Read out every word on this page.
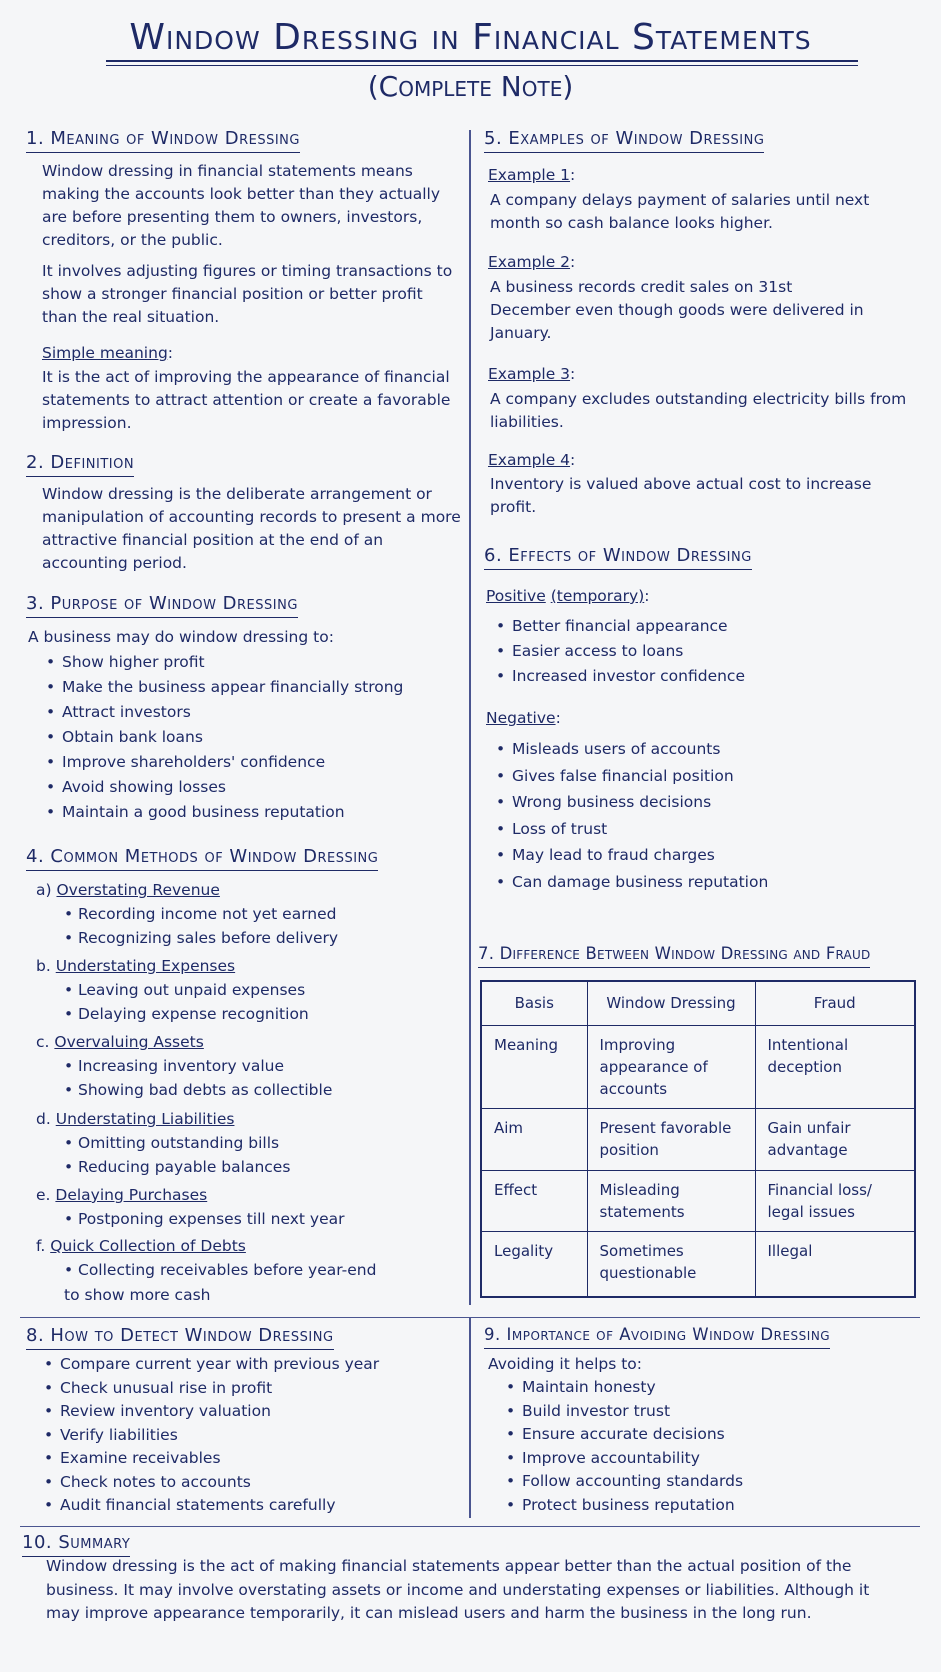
Window Dressing in Financial Statements
(Complete Note)
1. Meaning of Window Dressing
Window dressing in financial statements means making the accounts look better than they actually are before presenting them to owners, investors, creditors, or the public.
It involves adjusting figures or timing transactions to show a stronger financial position or better profit than the real situation.
Simple meaning:
It is the act of improving the appearance of financial statements to attract attention or create a favorable impression.
2. Definition
Window dressing is the deliberate arrangement or manipulation of accounting records to present a more attractive financial position at the end of an accounting period.
3. Purpose of Window Dressing
A business may do window dressing to:
• Show higher profit
• Make the business appear financially strong
• Attract investors
• Obtain bank loans
• Improve shareholders' confidence
• Avoid showing losses
• Maintain a good business reputation
4. Common Methods of Window Dressing
a) Overstating Revenue
• Recording income not yet earned
• Recognizing sales before delivery
b. Understating Expenses
• Leaving out unpaid expenses
• Delaying expense recognition
c. Overvaluing Assets
• Increasing inventory value
• Showing bad debts as collectible
d. Understating Liabilities
• Omitting outstanding bills
• Reducing payable balances
e. Delaying Purchases
• Postponing expenses till next year
f. Quick Collection of Debts
• Collecting receivables before year-end
to show more cash
5. Examples of Window Dressing
Example 1:
A company delays payment of salaries until next month so cash balance looks higher.
Example 2:
A business records credit sales on 31st December even though goods were delivered in January.
Example 3:
A company excludes outstanding electricity bills from liabilities.
Example 4:
Inventory is valued above actual cost to increase profit.
6. Effects of Window Dressing
Positive (temporary):
• Better financial appearance
• Easier access to loans
• Increased investor confidence
Negative:
• Misleads users of accounts
• Gives false financial position
• Wrong business decisions
• Loss of trust
• May lead to fraud charges
• Can damage business reputation
7. Difference Between Window Dressing and Fraud
Basis	Window Dressing	Fraud
Meaning	Improving appearance of accounts	Intentional deception
Aim	Present favorable position	Gain unfair advantage
Effect	Misleading statements	Financial loss/ legal issues
Legality	Sometimes questionable	Illegal
8. How to Detect Window Dressing
• Compare current year with previous year
• Check unusual rise in profit
• Review inventory valuation
• Verify liabilities
• Examine receivables
• Check notes to accounts
• Audit financial statements carefully
9. Importance of Avoiding Window Dressing
Avoiding it helps to:
• Maintain honesty
• Build investor trust
• Ensure accurate decisions
• Improve accountability
• Follow accounting standards
• Protect business reputation
10. Summary
Window dressing is the act of making financial statements appear better than the actual position of the business. It may involve overstating assets or income and understating expenses or liabilities. Although it may improve appearance temporarily, it can mislead users and harm the business in the long run.
